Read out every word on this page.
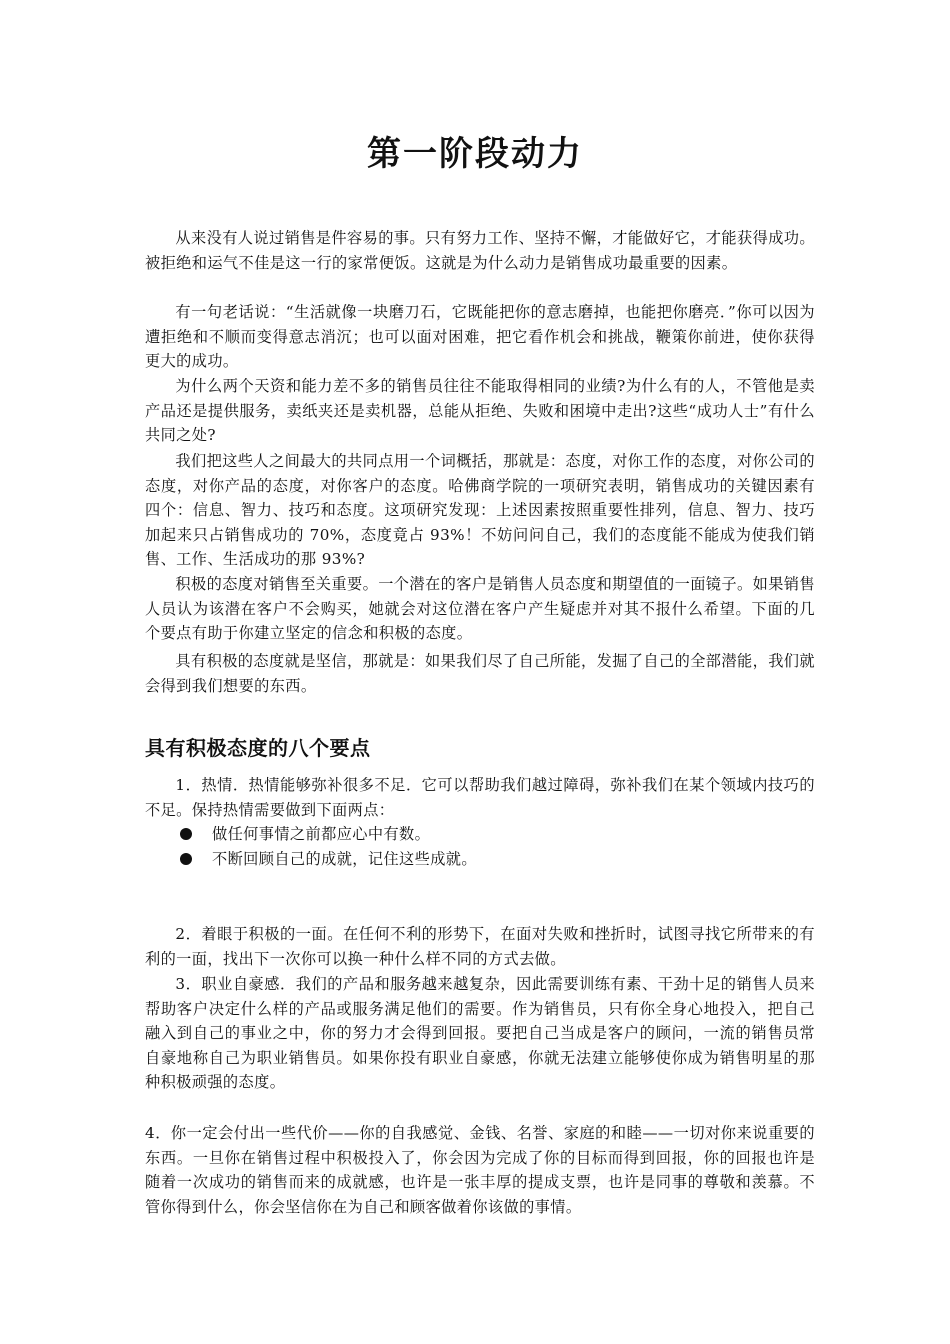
第一阶段动力

从来没有人说过销售是件容易的事。只有努力工作、坚持不懈，才能做好它，才能获得成功。被拒绝和运气不佳是这一行的家常便饭。这就是为什么动力是销售成功最重要的因素。

有一句老话说：“生活就像一块磨刀石，它既能把你的意志磨掉，也能把你磨亮．”你可以因为遭拒绝和不顺而变得意志消沉；也可以面对困难，把它看作机会和挑战，鞭策你前进，使你获得更大的成功。

为什么两个天资和能力差不多的销售员往往不能取得相同的业绩?为什么有的人，不管他是卖产品还是提供服务，卖纸夹还是卖机器，总能从拒绝、失败和困境中走出?这些“成功人士”有什么共同之处?

我们把这些人之间最大的共同点用一个词概括，那就是：态度，对你工作的态度，对你公司的态度，对你产品的态度，对你客户的态度。哈佛商学院的一项研究表明，销售成功的关键因素有四个：信息、智力、技巧和态度。这项研究发现：上述因素按照重要性排列，信息、智力、技巧加起来只占销售成功的 70%，态度竟占 93%！不妨问问自己，我们的态度能不能成为使我们销售、工作、生活成功的那 93%?

积极的态度对销售至关重要。一个潜在的客户是销售人员态度和期望值的一面镜子。如果销售人员认为该潜在客户不会购买，她就会对这位潜在客户产生疑虑并对其不报什么希望。下面的几个要点有助于你建立坚定的信念和积极的态度。

具有积极的态度就是坚信，那就是：如果我们尽了自己所能，发掘了自己的全部潜能，我们就会得到我们想要的东西。

具有积极态度的八个要点

1．热情．热情能够弥补很多不足．它可以帮助我们越过障碍，弥补我们在某个领域内技巧的不足。保持热情需要做到下面两点：

做任何事情之前都应心中有数。
不断回顾自己的成就，记住这些成就。

2．着眼于积极的一面。在任何不利的形势下，在面对失败和挫折时，试图寻找它所带来的有利的一面，找出下一次你可以换一种什么样不同的方式去做。

3．职业自豪感．我们的产品和服务越来越复杂，因此需要训练有素、干劲十足的销售人员来帮助客户决定什么样的产品或服务满足他们的需要。作为销售员，只有你全身心地投入，把自己融入到自己的事业之中，你的努力才会得到回报。要把自己当成是客户的顾问，一流的销售员常自豪地称自己为职业销售员。如果你投有职业自豪感，你就无法建立能够使你成为销售明星的那种积极顽强的态度。

4．你一定会付出一些代价——你的自我感觉、金钱、名誉、家庭的和睦——一切对你来说重要的东西。一旦你在销售过程中积极投入了，你会因为完成了你的目标而得到回报，你的回报也许是随着一次成功的销售而来的成就感，也许是一张丰厚的提成支票，也许是同事的尊敬和羡慕。不管你得到什么，你会坚信你在为自己和顾客做着你该做的事情。
